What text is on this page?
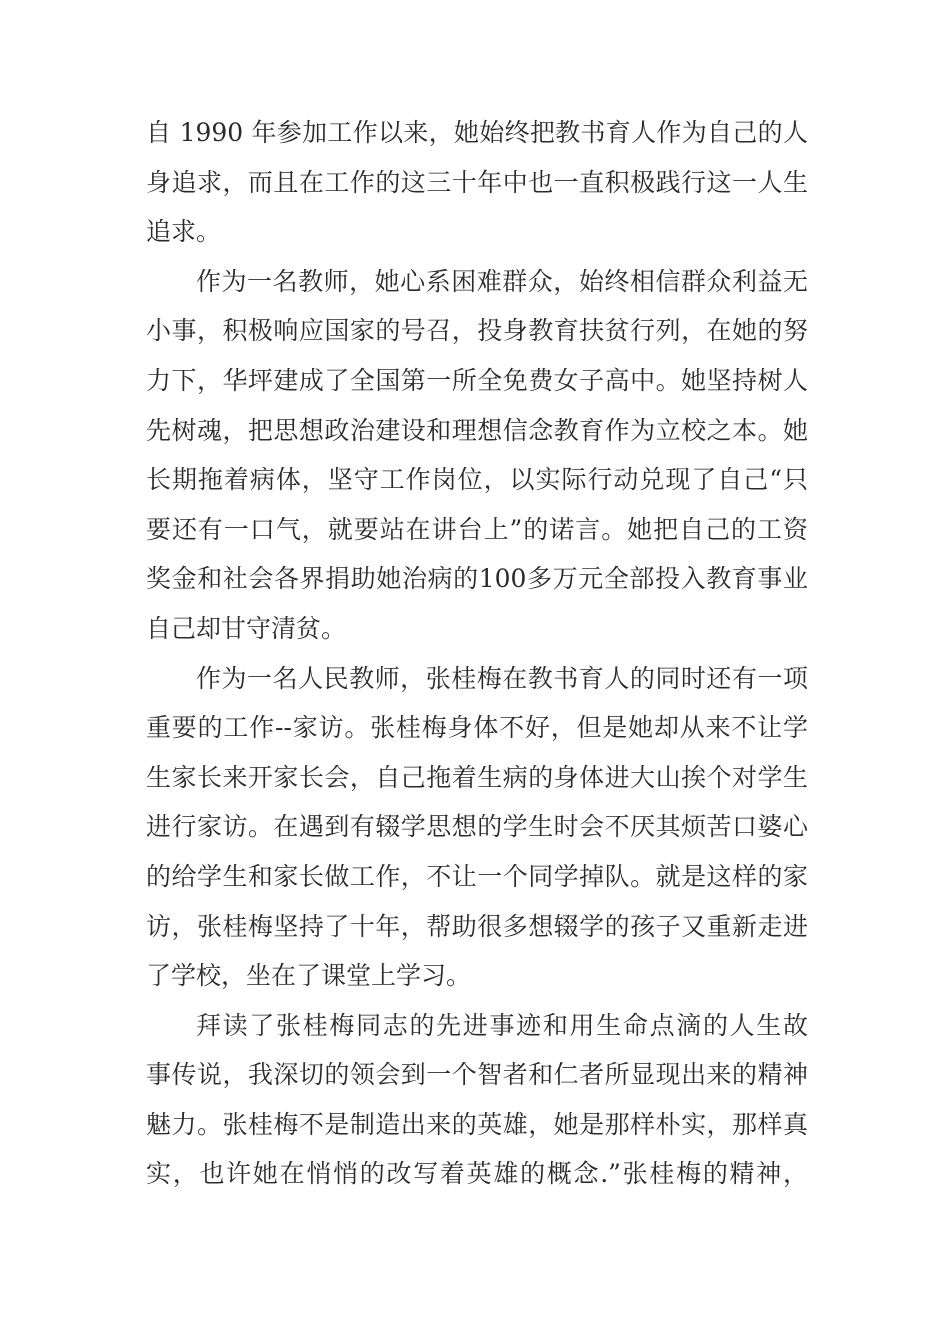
自 1990 年参加工作以来，她始终把教书育人作为自己的人
身追求，而且在工作的这三十年中也一直积极践行这一人生
追求。
作为一名教师，她心系困难群众，始终相信群众利益无
小事，积极响应国家的号召，投身教育扶贫行列，在她的努
力下，华坪建成了全国第一所全免费女子高中。她坚持树人
先树魂，把思想政治建设和理想信念教育作为立校之本。她
长期拖着病体，坚守工作岗位，以实际行动兑现了自己“只
要还有一口气，就要站在讲台上”的诺言。她把自己的工资
奖金和社会各界捐助她治病的100多万元全部投入教育事业
自己却甘守清贫。
作为一名人民教师，张桂梅在教书育人的同时还有一项
重要的工作--家访。张桂梅身体不好，但是她却从来不让学
生家长来开家长会，自己拖着生病的身体进大山挨个对学生
进行家访。在遇到有辍学思想的学生时会不厌其烦苦口婆心
的给学生和家长做工作，不让一个同学掉队。就是这样的家
访，张桂梅坚持了十年，帮助很多想辍学的孩子又重新走进
了学校，坐在了课堂上学习。
拜读了张桂梅同志的先进事迹和用生命点滴的人生故
事传说，我深切的领会到一个智者和仁者所显现出来的精神
魅力。张桂梅不是制造出来的英雄，她是那样朴实，那样真
实，也许她在悄悄的改写着英雄的概念.”张桂梅的精神，
